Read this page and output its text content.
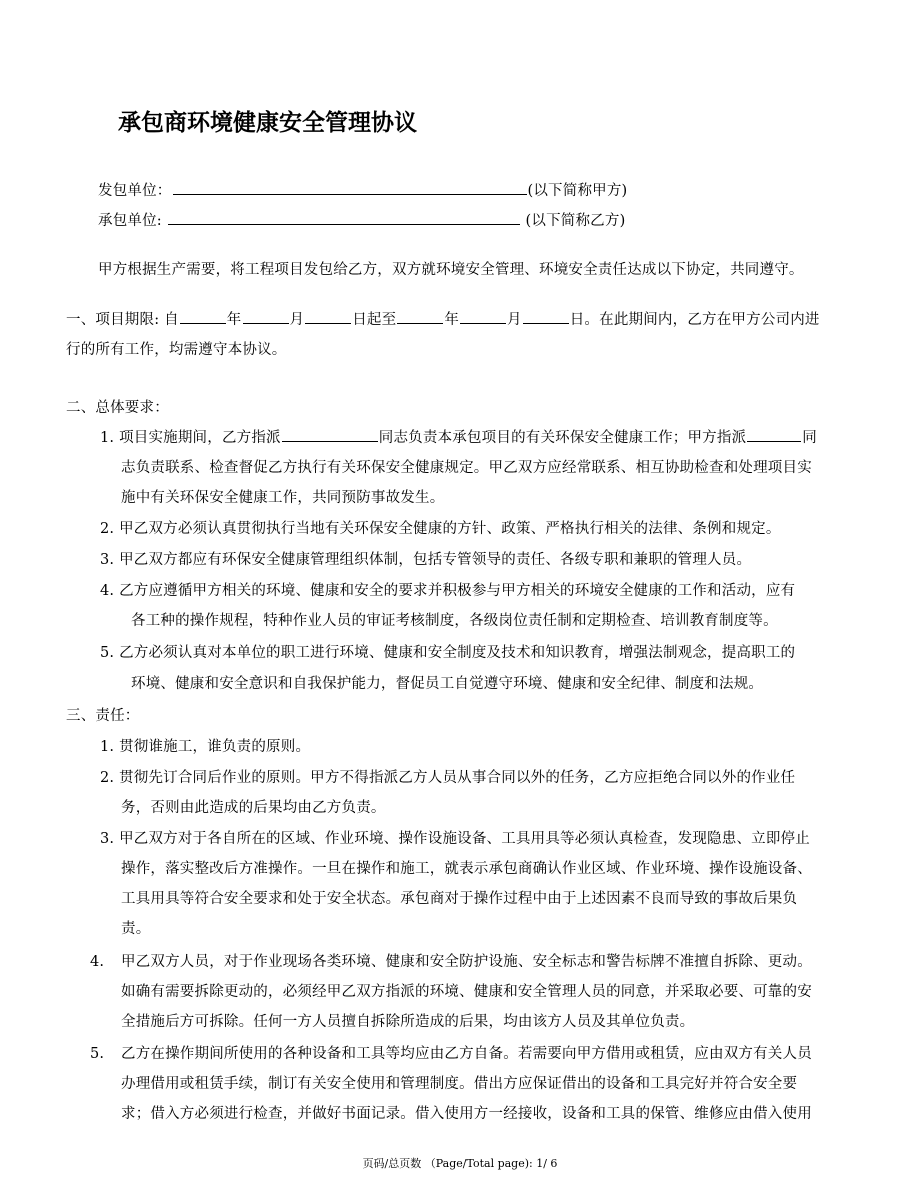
承包商环境健康安全管理协议
发包单位：	(以下简称甲方)
承包单位:	(以下简称乙方)
甲方根据生产需要，将工程项目发包给乙方，双方就环境安全管理、环境安全责任达成以下协定，共同遵守。
一、项目期限: 自	年	月	日起至	年	月	日。在此期间内，乙方在甲方公司内进
行的所有工作，均需遵守本协议。
二、总体要求：
1. 项目实施期间，乙方指派	同志负责本承包项目的有关环保安全健康工作；甲方指派	同
志负责联系、检查督促乙方执行有关环保安全健康规定。甲乙双方应经常联系、相互协助检查和处理项目实
施中有关环保安全健康工作，共同预防事故发生。
2. 甲乙双方必须认真贯彻执行当地有关环保安全健康的方针、政策、严格执行相关的法律、条例和规定。
3. 甲乙双方都应有环保安全健康管理组织体制，包括专管领导的责任、各级专职和兼职的管理人员。
4. 乙方应遵循甲方相关的环境、健康和安全的要求并积极参与甲方相关的环境安全健康的工作和活动，应有
各工种的操作规程，特种作业人员的审证考核制度，各级岗位责任制和定期检查、培训教育制度等。
5. 乙方必须认真对本单位的职工进行环境、健康和安全制度及技术和知识教育，增强法制观念，提高职工的
环境、健康和安全意识和自我保护能力，督促员工自觉遵守环境、健康和安全纪律、制度和法规。
三、责任：
1. 贯彻谁施工，谁负责的原则。
2. 贯彻先订合同后作业的原则。甲方不得指派乙方人员从事合同以外的任务，乙方应拒绝合同以外的作业任
务，否则由此造成的后果均由乙方负责。
3. 甲乙双方对于各自所在的区域、作业环境、操作设施设备、工具用具等必须认真检查，发现隐患、立即停止
操作，落实整改后方准操作。一旦在操作和施工，就表示承包商确认作业区域、作业环境、操作设施设备、
工具用具等符合安全要求和处于安全状态。承包商对于操作过程中由于上述因素不良而导致的事故后果负
责。
4. 甲乙双方人员，对于作业现场各类环境、健康和安全防护设施、安全标志和警告标牌不准擅自拆除、更动。
如确有需要拆除更动的，必须经甲乙双方指派的环境、健康和安全管理人员的同意，并采取必要、可靠的安
全措施后方可拆除。任何一方人员擅自拆除所造成的后果，均由该方人员及其单位负责。
5. 乙方在操作期间所使用的各种设备和工具等均应由乙方自备。若需要向甲方借用或租赁，应由双方有关人员
办理借用或租赁手续，制订有关安全使用和管理制度。借出方应保证借出的设备和工具完好并符合安全要
求；借入方必须进行检查，并做好书面记录。借入使用方一经接收，设备和工具的保管、维修应由借入使用
页码/总页数 （Page/Total page): 1/ 6
